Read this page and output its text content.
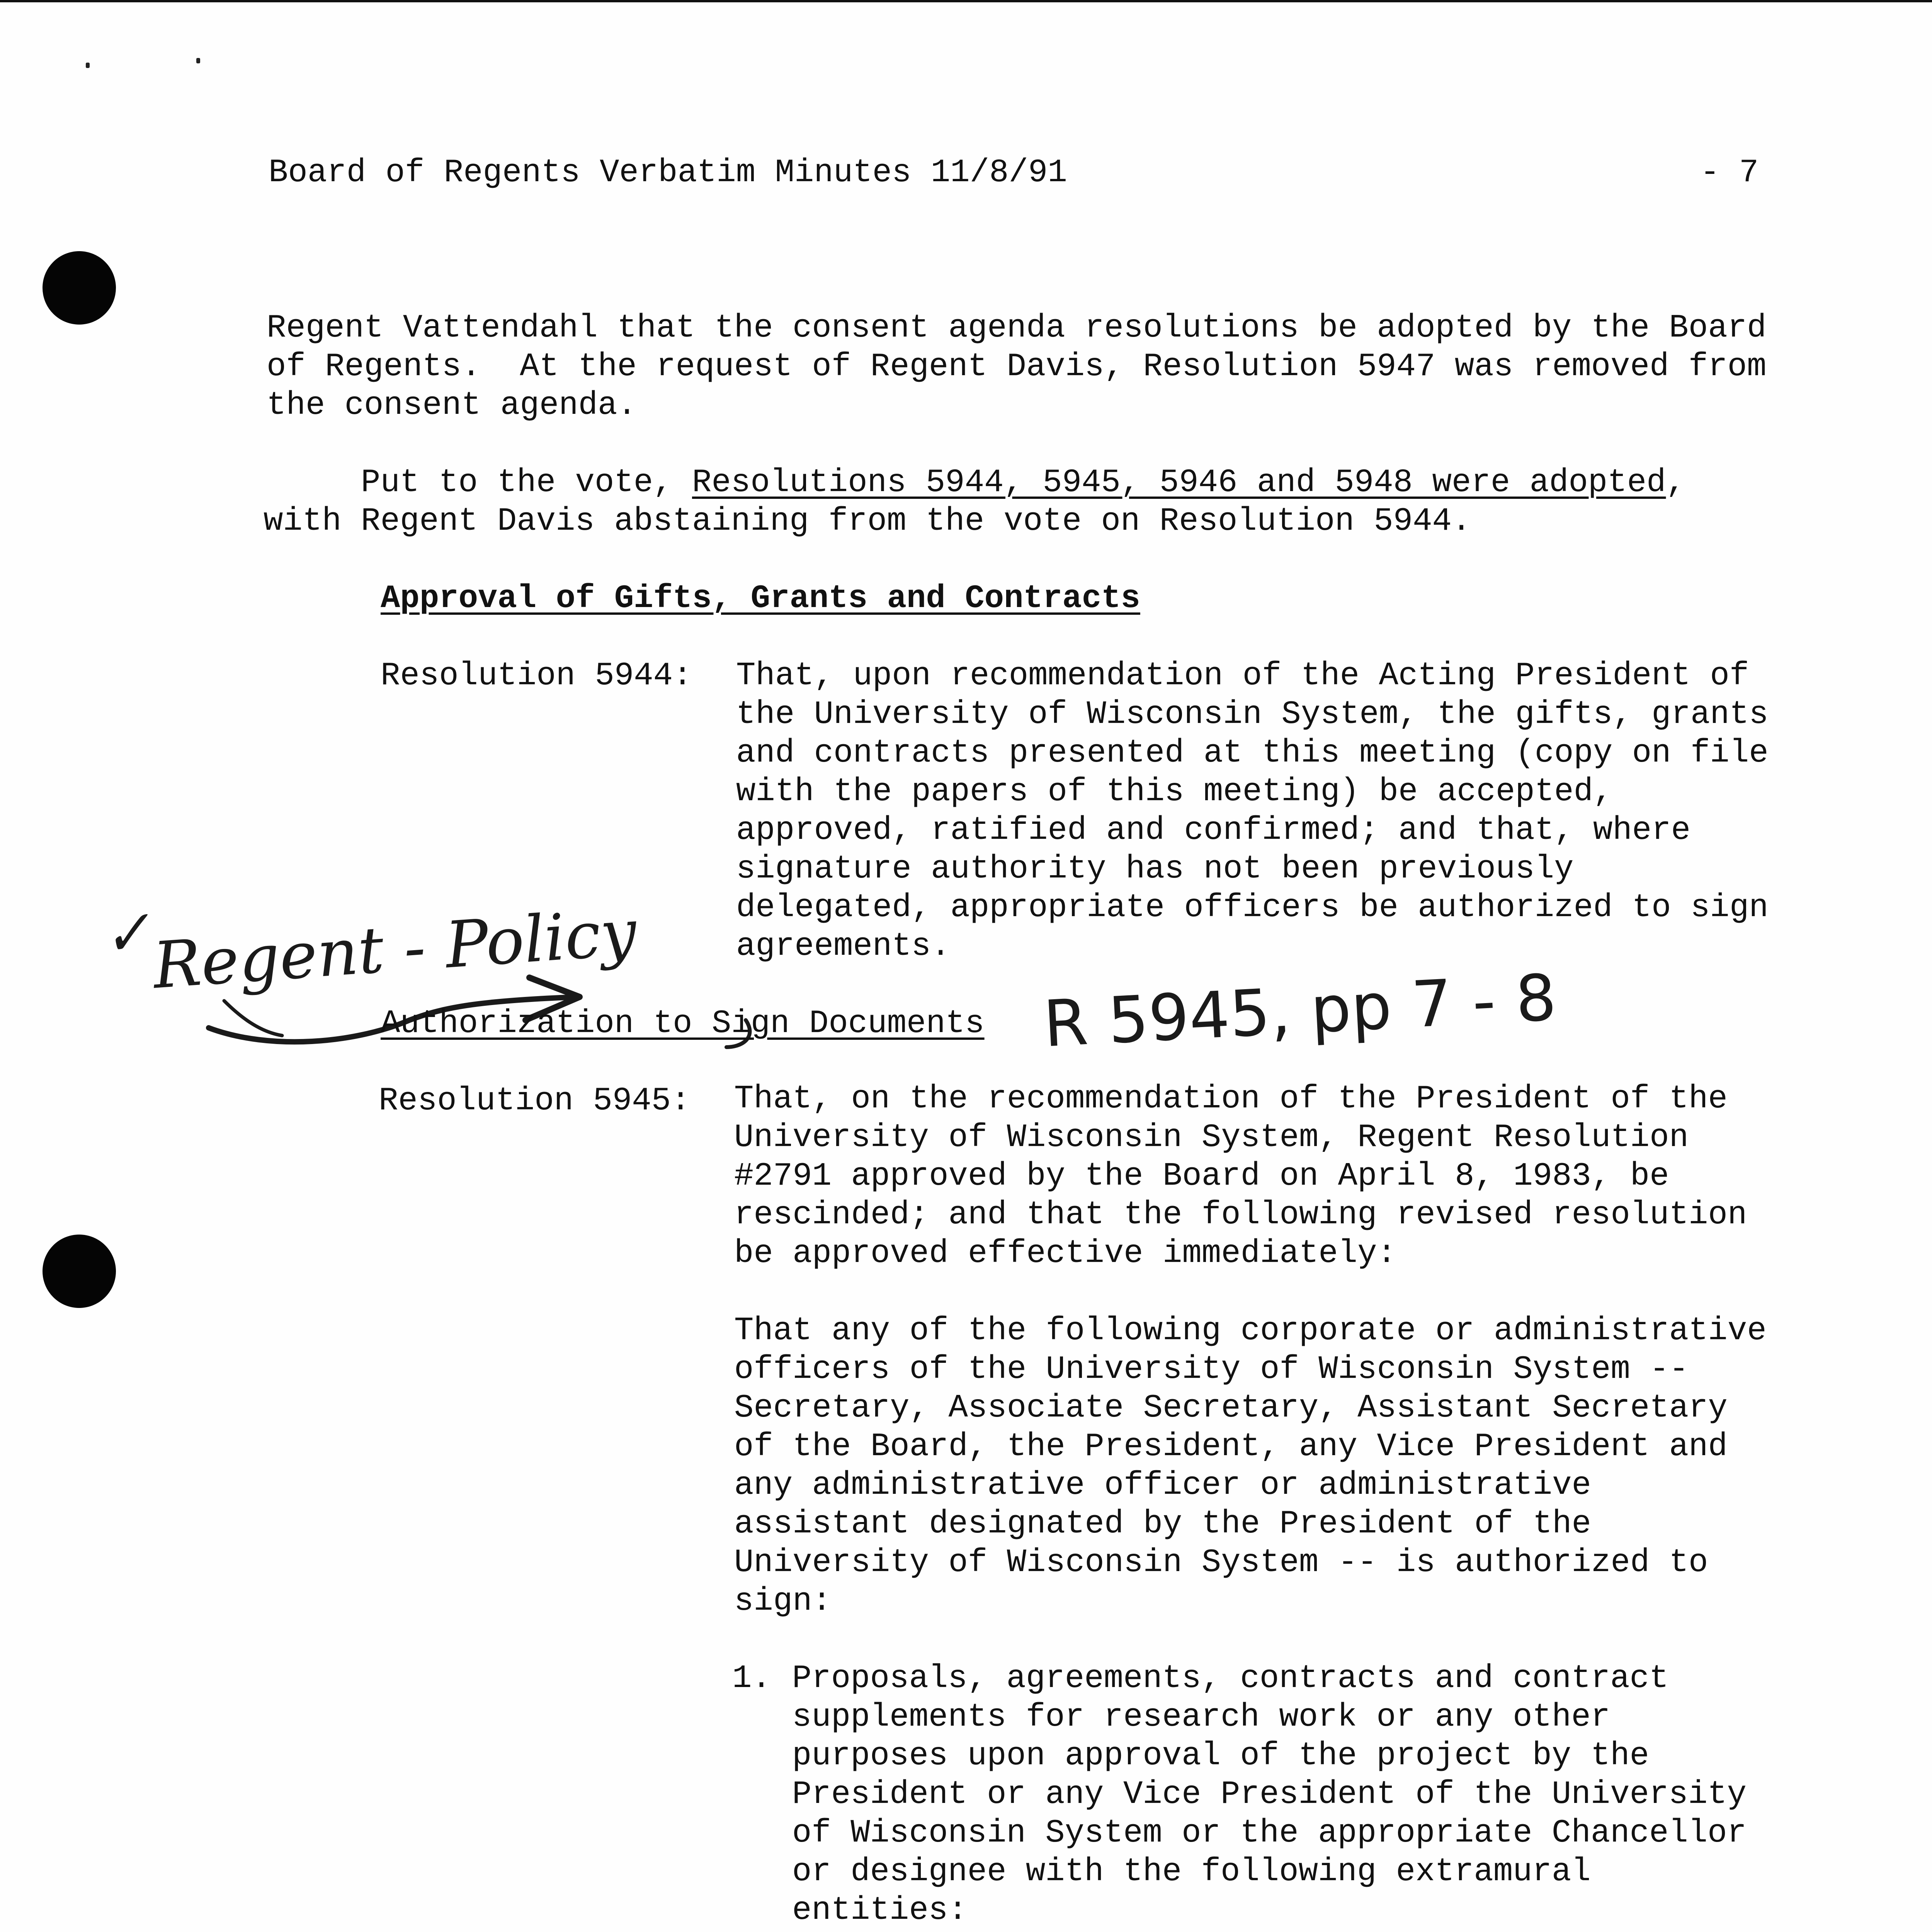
Board of Regents Verbatim Minutes 11/8/91	- 7
Regent Vattendahl that the consent agenda resolutions be adopted by the Board
of Regents.  At the request of Regent Davis, Resolution 5947 was removed from
the consent agenda.
Put to the vote, Resolutions 5944, 5945, 5946 and 5948 were adopted,
with Regent Davis abstaining from the vote on Resolution 5944.
Approval of Gifts, Grants and Contracts
Resolution 5944: That, upon recommendation of the Acting President of
the University of Wisconsin System, the gifts, grants
and contracts presented at this meeting (copy on file
with the papers of this meeting) be accepted,
approved, ratified and confirmed; and that, where
signature authority has not been previously
delegated, appropriate officers be authorized to sign
agreements.
✓
Regent - Policy
Authorization to Sign Documents R 5945, pp 7 - 8
Resolution 5945: That, on the recommendation of the President of the
University of Wisconsin System, Regent Resolution
#2791 approved by the Board on April 8, 1983, be
rescinded; and that the following revised resolution
be approved effective immediately:
That any of the following corporate or administrative
officers of the University of Wisconsin System --
Secretary, Associate Secretary, Assistant Secretary
of the Board, the President, any Vice President and
any administrative officer or administrative
assistant designated by the President of the
University of Wisconsin System -- is authorized to
sign:
1. Proposals, agreements, contracts and contract
supplements for research work or any other
purposes upon approval of the project by the
President or any Vice President of the University
of Wisconsin System or the appropriate Chancellor
or designee with the following extramural
entities:
